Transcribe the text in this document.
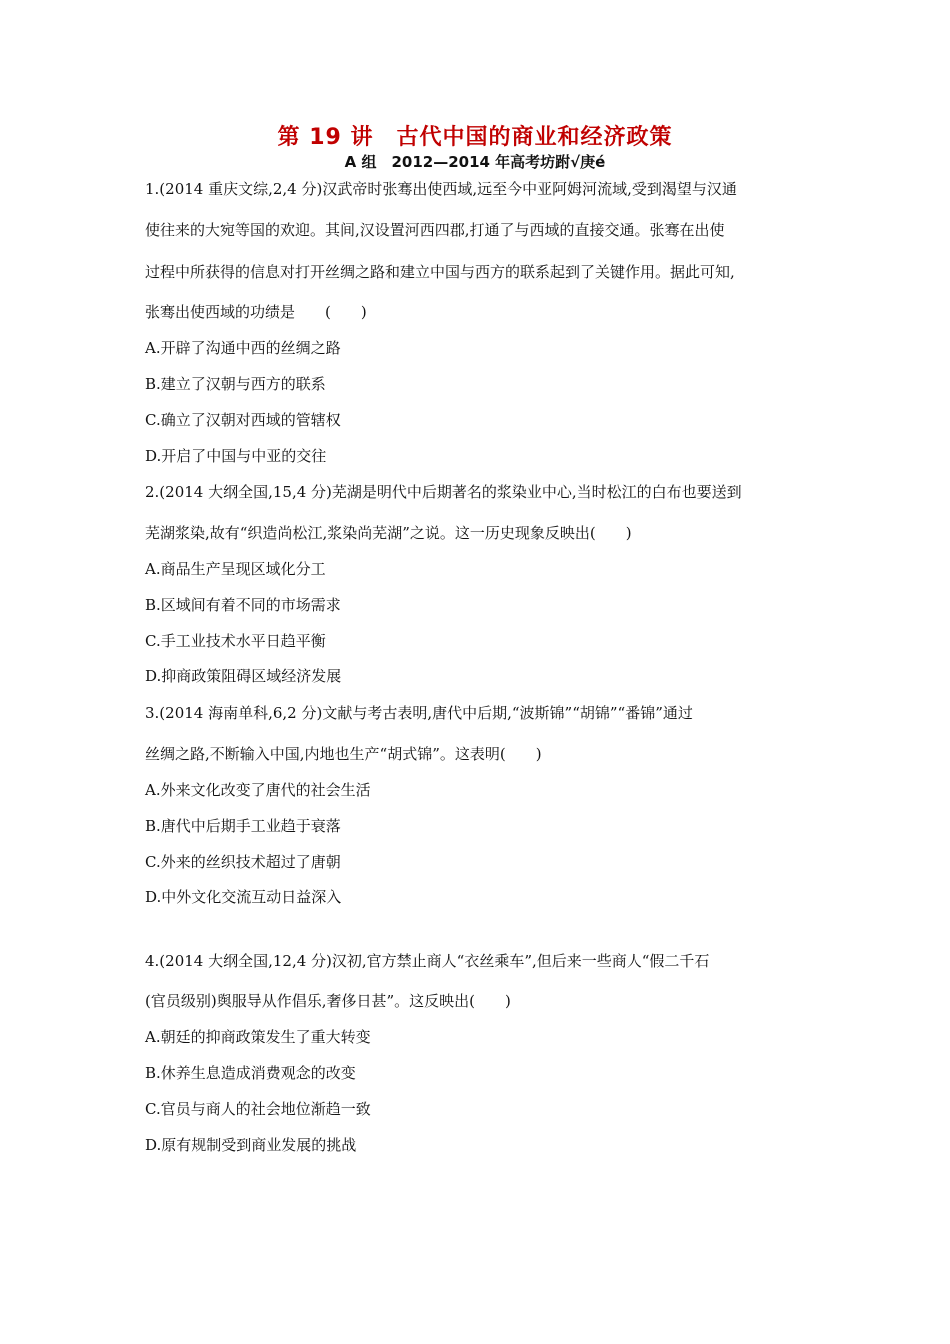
第 19 讲　古代中国的商业和经济政策
A 组　2012—2014 年高考坊跗√庚é
1.(2014 重庆文综,2,4 分)汉武帝时张骞出使西域,远至今中亚阿姆河流域,受到渴望与汉通
使往来的大宛等国的欢迎。其间,汉设置河西四郡,打通了与西域的直接交通。张骞在出使
过程中所获得的信息对打开丝绸之路和建立中国与西方的联系起到了关键作用。据此可知,
张骞出使西域的功绩是　　(　　)
A.开辟了沟通中西的丝绸之路
B.建立了汉朝与西方的联系
C.确立了汉朝对西域的管辖权
D.开启了中国与中亚的交往
2.(2014 大纲全国,15,4 分)芜湖是明代中后期著名的浆染业中心,当时松江的白布也要送到
芜湖浆染,故有“织造尚松江,浆染尚芜湖”之说。这一历史现象反映出(　　)
A.商品生产呈现区域化分工
B.区域间有着不同的市场需求
C.手工业技术水平日趋平衡
D.抑商政策阻碍区域经济发展
3.(2014 海南单科,6,2 分)文献与考古表明,唐代中后期,“波斯锦”“胡锦”“番锦”通过
丝绸之路,不断输入中国,内地也生产“胡式锦”。这表明(　　)
A.外来文化改变了唐代的社会生活
B.唐代中后期手工业趋于衰落
C.外来的丝织技术超过了唐朝
D.中外文化交流互动日益深入
4.(2014 大纲全国,12,4 分)汉初,官方禁止商人“衣丝乘车”,但后来一些商人“假二千石
(官员级别)舆服导从作倡乐,奢侈日甚”。这反映出(　　)
A.朝廷的抑商政策发生了重大转变
B.休养生息造成消费观念的改变
C.官员与商人的社会地位渐趋一致
D.原有规制受到商业发展的挑战
